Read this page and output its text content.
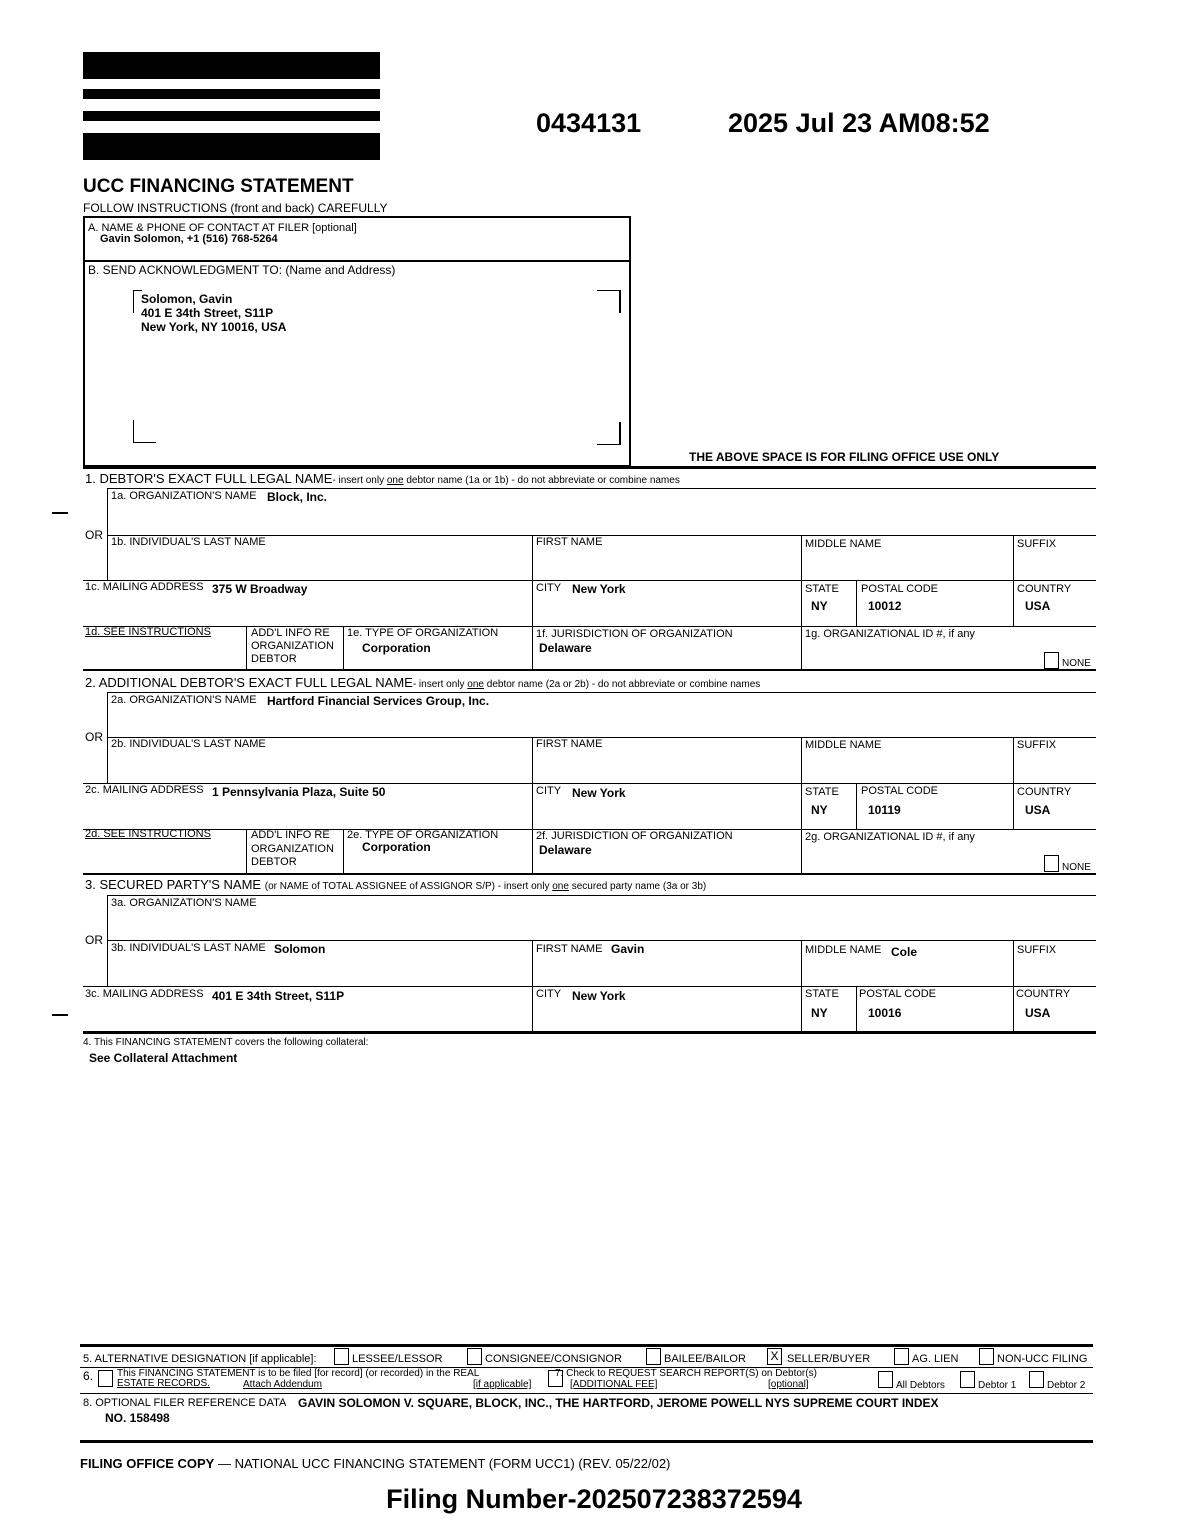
0434131	2025 Jul 23 AM08:52
UCC FINANCING STATEMENT
FOLLOW INSTRUCTIONS (front and back) CAREFULLY
A. NAME & PHONE OF CONTACT AT FILER [optional]
Gavin Solomon, +1 (516) 768-5264
B. SEND ACKNOWLEDGMENT TO: (Name and Address)
Solomon, Gavin
401 E 34th Street, S11P
New York, NY 10016, USA
THE ABOVE SPACE IS FOR FILING OFFICE USE ONLY
1. DEBTOR'S EXACT FULL LEGAL NAME- insert only one debtor name (1a or 1b) - do not abbreviate or combine names
1a. ORGANIZATION'S NAME Block, Inc.
OR 1b. INDIVIDUAL'S LAST NAME	FIRST NAME	MIDDLE NAME	SUFFIX
1c. MAILING ADDRESS 375 W Broadway	CITY New York	STATE
NY
POSTAL CODE
10012
COUNTRY
USA
1d. SEE INSTRUCTIONS	ADD'L INFO RE
ORGANIZATION
DEBTOR
1e. TYPE OF ORGANIZATION
Corporation
1f. JURISDICTION OF ORGANIZATION
Delaware
1g. ORGANIZATIONAL ID #, if any
NONE
2. ADDITIONAL DEBTOR'S EXACT FULL LEGAL NAME- insert only one debtor name (2a or 2b) - do not abbreviate or combine names
2a. ORGANIZATION'S NAME Hartford Financial Services Group, Inc.
OR 2b. INDIVIDUAL'S LAST NAME	FIRST NAME	MIDDLE NAME	SUFFIX
2c. MAILING ADDRESS 1 Pennsylvania Plaza, Suite 50	CITY New York	STATE
NY
POSTAL CODE
10119
COUNTRY
USA
2d. SEE INSTRUCTIONS	ADD'L INFO RE
ORGANIZATION
DEBTOR
2e. TYPE OF ORGANIZATION
Corporation
2f. JURISDICTION OF ORGANIZATION
Delaware
2g. ORGANIZATIONAL ID #, if any
NONE
3. SECURED PARTY'S NAME (or NAME of TOTAL ASSIGNEE of ASSIGNOR S/P) - insert only one secured party name (3a or 3b)
3a. ORGANIZATION'S NAME
OR
3b. INDIVIDUAL'S LAST NAME Solomon	FIRST NAME Gavin	MIDDLE NAME Cole	SUFFIX
3c. MAILING ADDRESS 401 E 34th Street, S11P	CITY New York	STATE
NY
POSTAL CODE
10016
COUNTRY
USA
4. This FINANCING STATEMENT covers the following collateral:
See Collateral Attachment
5. ALTERNATIVE DESIGNATION [if applicable]:	LESSEE/LESSOR	CONSIGNEE/CONSIGNOR	BAILEE/BAILOR X SELLER/BUYER	AG. LIEN	NON-UCC FILING
6. This FINANCING STATEMENT is to be filed [for record] (or recorded) in the REAL
ESTATE RECORDS.	Attach Addendum	[if applicable]
7. Check to REQUEST SEARCH REPORT(S) on Debtor(s)
[ADDITIONAL FEE]	[optional]	All Debtors	Debtor 1	Debtor 2
8. OPTIONAL FILER REFERENCE DATA GAVIN SOLOMON V. SQUARE, BLOCK, INC., THE HARTFORD, JEROME POWELL NYS SUPREME COURT INDEX
NO. 158498
FILING OFFICE COPY — NATIONAL UCC FINANCING STATEMENT (FORM UCC1) (REV. 05/22/02)
Filing Number-202507238372594
